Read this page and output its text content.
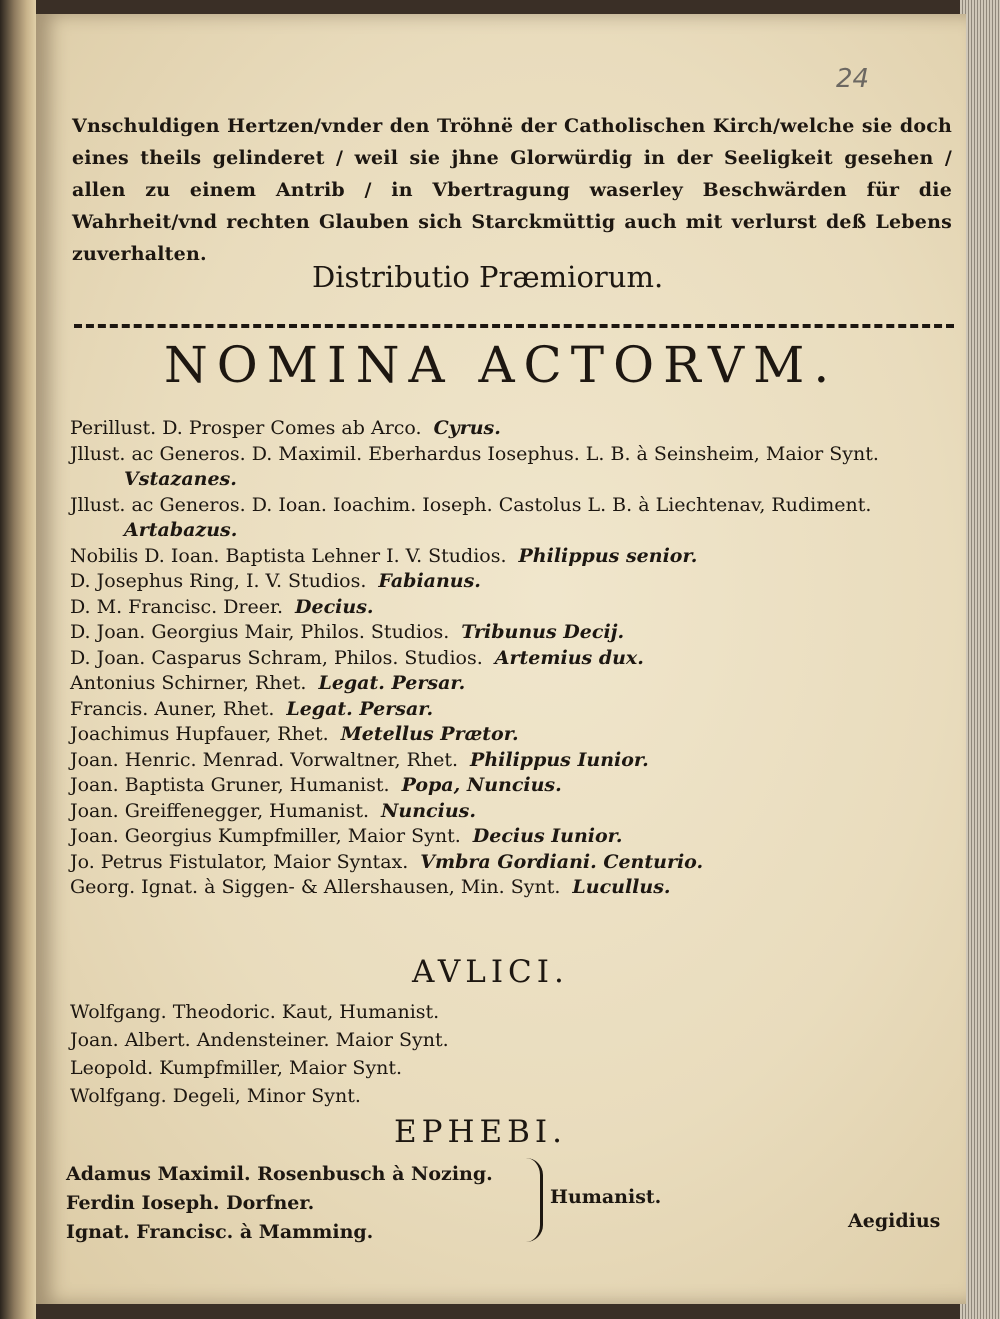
24
Vnschuldigen Hertzen/vnder den Tröhnë der Catholischen Kirch/welche sie doch eines theils gelinderet / weil sie jhne Glorwürdig in der Seeligkeit gesehen / allen zu einem Antrib / in Vbertragung waserley Beschwärden für die Wahrheit/vnd rechten Glauben sich Starckmüttig auch mit verlurst deß Lebens zuverhalten.
Distributio Præmiorum.
NOMINA ACTORVM.
Perillust. D. Prosper Comes ab Arco. Cyrus.
Jllust. ac Generos. D. Maximil. Eberhardus Iosephus. L. B. à Seinsheim, Maior Synt.
Vstazanes.
Jllust. ac Generos. D. Ioan. Ioachim. Ioseph. Castolus L. B. à Liechtenav, Rudiment.
Artabazus.
Nobilis D. Ioan. Baptista Lehner I. V. Studios. Philippus senior.
D. Josephus Ring, I. V. Studios. Fabianus.
D. M. Francisc. Dreer. Decius.
D. Joan. Georgius Mair, Philos. Studios. Tribunus Decij.
D. Joan. Casparus Schram, Philos. Studios. Artemius dux.
Antonius Schirner, Rhet. Legat. Persar.
Francis. Auner, Rhet. Legat. Persar.
Joachimus Hupfauer, Rhet. Metellus Prætor.
Joan. Henric. Menrad. Vorwaltner, Rhet. Philippus Iunior.
Joan. Baptista Gruner, Humanist. Popa, Nuncius.
Joan. Greiffenegger, Humanist. Nuncius.
Joan. Georgius Kumpfmiller, Maior Synt. Decius Iunior.
Jo. Petrus Fistulator, Maior Syntax. Vmbra Gordiani. Centurio.
Georg. Ignat. à Siggen- & Allershausen, Min. Synt. Lucullus.
AVLICI.
Wolfgang. Theodoric. Kaut, Humanist.
Joan. Albert. Andensteiner. Maior Synt.
Leopold. Kumpfmiller, Maior Synt.
Wolfgang. Degeli, Minor Synt.
EPHEBI.
Adamus Maximil. Rosenbusch à Nozing.
Ferdin Ioseph. Dorfner.
Ignat. Francisc. à Mamming.
Humanist.
Aegidius
